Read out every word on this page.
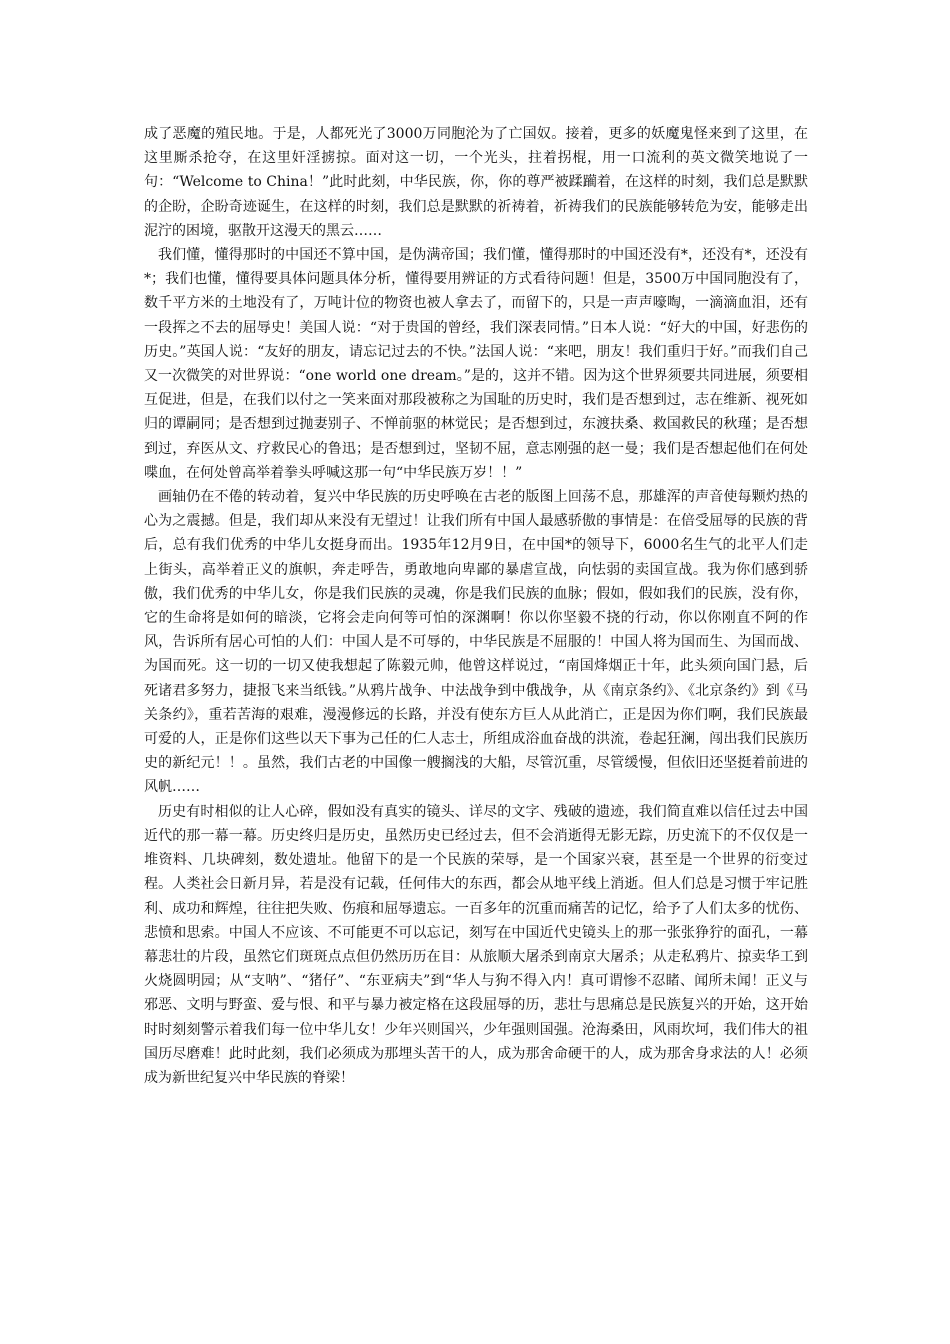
成了恶魔的殖民地。于是，人都死光了3000万同胞沦为了亡国奴。接着，更多的妖魔鬼怪来到了这里，在这里厮杀抢夺，在这里奸淫掳掠。面对这一切，一个光头，拄着拐棍，用一口流利的英文微笑地说了一句：“Welcome to China！”此时此刻，中华民族，你，你的尊严被蹂躏着，在这样的时刻，我们总是默默的企盼，企盼奇迹诞生，在这样的时刻，我们总是默默的祈祷着，祈祷我们的民族能够转危为安，能够走出泥泞的困境，驱散开这漫天的黑云……

我们懂，懂得那时的中国还不算中国，是伪满帝国；我们懂，懂得那时的中国还没有*，还没有*，还没有*；我们也懂，懂得要具体问题具体分析，懂得要用辨证的方式看待问题！但是，3500万中国同胞没有了，数千平方米的土地没有了，万吨计位的物资也被人拿去了，而留下的，只是一声声嚎啕，一滴滴血泪，还有一段挥之不去的屈辱史！美国人说：“对于贵国的曾经，我们深表同情。”日本人说：“好大的中国，好悲伤的历史。”英国人说：“友好的朋友，请忘记过去的不快。”法国人说：“来吧，朋友！我们重归于好。”而我们自己又一次微笑的对世界说：“one world one dream。”是的，这并不错。因为这个世界须要共同进展，须要相互促进，但是，在我们以付之一笑来面对那段被称之为国耻的历史时，我们是否想到过，志在维新、视死如归的谭嗣同；是否想到过抛妻别子、不惮前驱的林觉民；是否想到过，东渡扶桑、救国救民的秋瑾；是否想到过，弃医从文、疗救民心的鲁迅；是否想到过，坚韧不屈，意志刚强的赵一曼；我们是否想起他们在何处喋血，在何处曾高举着拳头呼喊这那一句“中华民族万岁！！”

画轴仍在不倦的转动着，复兴中华民族的历史呼唤在古老的版图上回荡不息，那雄浑的声音使每颗灼热的心为之震撼。但是，我们却从来没有无望过！让我们所有中国人最感骄傲的事情是：在倍受屈辱的民族的背后，总有我们优秀的中华儿女挺身而出。1935年12月9日，在中国*的领导下，6000名生气的北平人们走上街头，高举着正义的旗帜，奔走呼告，勇敢地向卑鄙的暴虐宣战，向怯弱的卖国宣战。我为你们感到骄傲，我们优秀的中华儿女，你是我们民族的灵魂，你是我们民族的血脉；假如，假如我们的民族，没有你，它的生命将是如何的暗淡，它将会走向何等可怕的深渊啊！你以你坚毅不挠的行动，你以你刚直不阿的作风，告诉所有居心可怕的人们：中国人是不可辱的，中华民族是不屈服的！中国人将为国而生、为国而战、为国而死。这一切的一切又使我想起了陈毅元帅，他曾这样说过，“南国烽烟正十年，此头须向国门悬，后死诸君多努力，捷报飞来当纸钱。”从鸦片战争、中法战争到中俄战争，从《南京条约》、《北京条约》到《马关条约》，重若苦海的艰难，漫漫修远的长路，并没有使东方巨人从此消亡，正是因为你们啊，我们民族最可爱的人，正是你们这些以天下事为己任的仁人志士，所组成浴血奋战的洪流，卷起狂澜，闯出我们民族历史的新纪元！！。虽然，我们古老的中国像一艘搁浅的大船，尽管沉重，尽管缓慢，但依旧还坚挺着前进的风帆……

历史有时相似的让人心碎，假如没有真实的镜头、详尽的文字、残破的遗迹，我们简直难以信任过去中国近代的那一幕一幕。历史终归是历史，虽然历史已经过去，但不会消逝得无影无踪，历史流下的不仅仅是一堆资料、几块碑刻，数处遗址。他留下的是一个民族的荣辱，是一个国家兴衰，甚至是一个世界的衍变过程。人类社会日新月异，若是没有记载，任何伟大的东西，都会从地平线上消逝。但人们总是习惯于牢记胜利、成功和辉煌，往往把失败、伤痕和屈辱遗忘。一百多年的沉重而痛苦的记忆，给予了人们太多的忧伤、悲愤和思索。中国人不应该、不可能更不可以忘记，刻写在中国近代史镜头上的那一张张狰狞的面孔，一幕幕悲壮的片段，虽然它们斑斑点点但仍然历历在目：从旅顺大屠杀到南京大屠杀；从走私鸦片、掠卖华工到火烧圆明园；从“支呐”、“猪仔”、“东亚病夫”到“华人与狗不得入内！真可谓惨不忍睹、闻所未闻！正义与邪恶、文明与野蛮、爱与恨、和平与暴力被定格在这段屈辱的历，悲壮与思痛总是民族复兴的开始，这开始时时刻刻警示着我们每一位中华儿女！少年兴则国兴，少年强则国强。沧海桑田，风雨坎坷，我们伟大的祖国历尽磨难！此时此刻，我们必须成为那埋头苦干的人，成为那舍命硬干的人，成为那舍身求法的人！必须成为新世纪复兴中华民族的脊梁！
